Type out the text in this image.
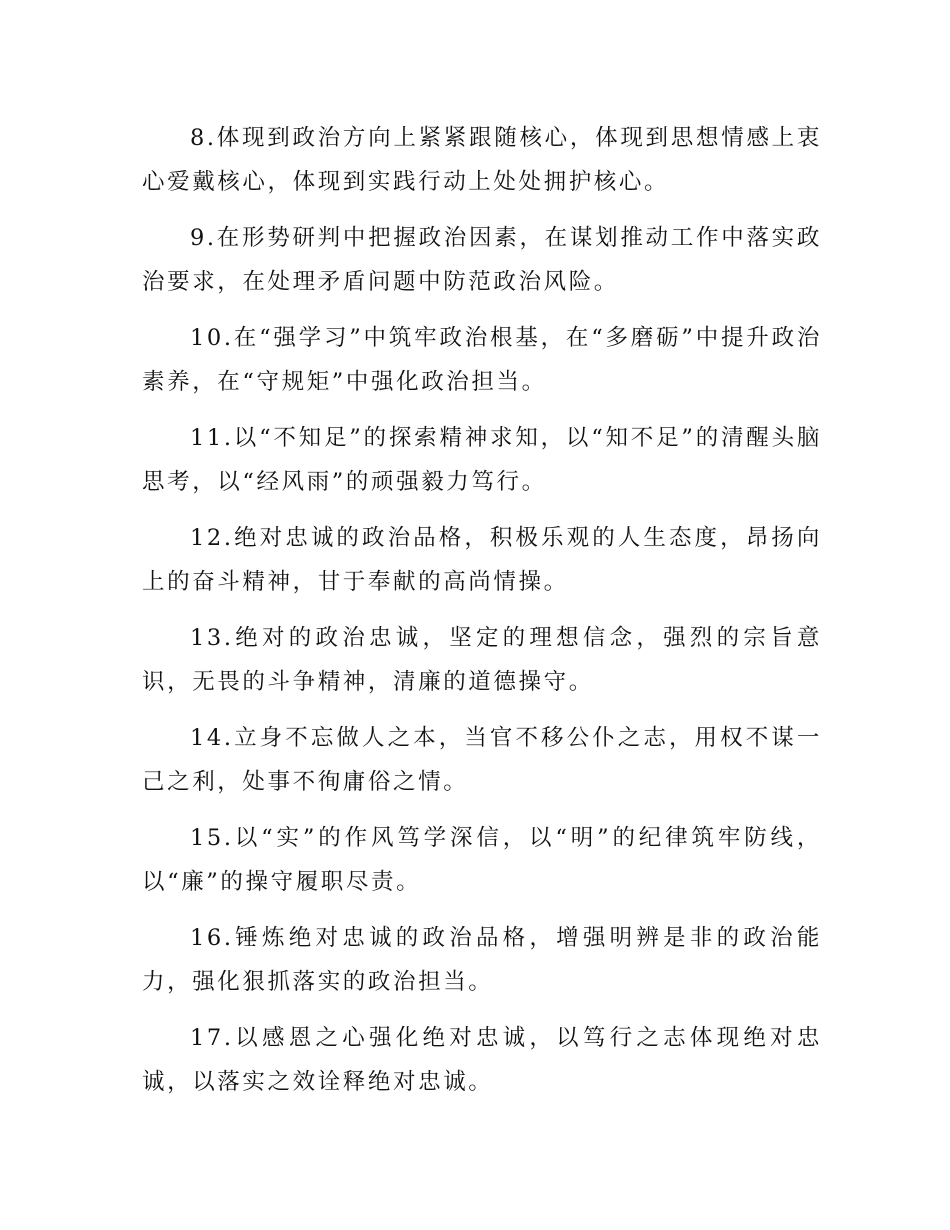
8.体现到政治方向上紧紧跟随核心，体现到思想情感上衷心爱戴核心，体现到实践行动上处处拥护核心。

9.在形势研判中把握政治因素，在谋划推动工作中落实政治要求，在处理矛盾问题中防范政治风险。

10.在“强学习”中筑牢政治根基，在“多磨砺”中提升政治素养，在“守规矩”中强化政治担当。

11.以“不知足”的探索精神求知，以“知不足”的清醒头脑思考，以“经风雨”的顽强毅力笃行。

12.绝对忠诚的政治品格，积极乐观的人生态度，昂扬向上的奋斗精神，甘于奉献的高尚情操。

13.绝对的政治忠诚，坚定的理想信念，强烈的宗旨意识，无畏的斗争精神，清廉的道德操守。

14.立身不忘做人之本，当官不移公仆之志，用权不谋一己之利，处事不徇庸俗之情。

15.以“实”的作风笃学深信，以“明”的纪律筑牢防线，以“廉”的操守履职尽责。

16.锤炼绝对忠诚的政治品格，增强明辨是非的政治能力，强化狠抓落实的政治担当。

17.以感恩之心强化绝对忠诚，以笃行之志体现绝对忠诚，以落实之效诠释绝对忠诚。
